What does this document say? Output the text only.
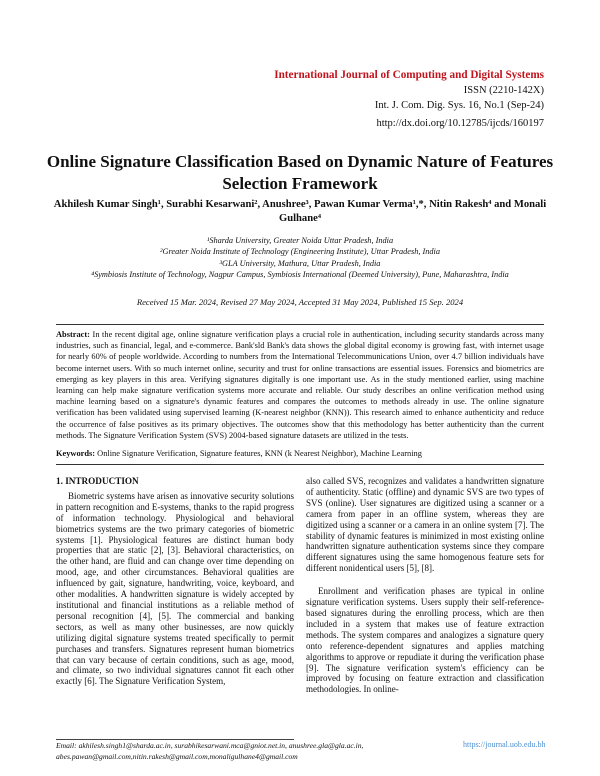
International Journal of Computing and Digital Systems
ISSN (2210-142X)
Int. J. Com. Dig. Sys. 16, No.1 (Sep-24)
http://dx.doi.org/10.12785/ijcds/160197
Online Signature Classification Based on Dynamic Nature of Features Selection Framework
Akhilesh Kumar Singh¹, Surabhi Kesarwani², Anushree³, Pawan Kumar Verma¹,*, Nitin Rakesh⁴ and Monali Gulhane⁴
¹Sharda University, Greater Noida Uttar Pradesh, India
²Greater Noida Institute of Technology (Engineering Institute), Uttar Pradesh, India
³GLA University, Mathura, Uttar Pradesh, India
⁴Symbiosis Institute of Technology, Nagpur Campus, Symbiosis International (Deemed University), Pune, Maharashtra, India
Received 15 Mar. 2024, Revised 27 May 2024, Accepted 31 May 2024, Published 15 Sep. 2024

Abstract: In the recent digital age, online signature verification plays a crucial role in authentication, including security standards across many industries, such as financial, legal, and e-commerce. Bank'sld Bank's data shows the global digital economy is growing fast, with internet usage for nearly 60% of people worldwide. According to numbers from the International Telecommunications Union, over 4.7 billion individuals have become internet users. With so much internet online, security and trust for online transactions are essential issues. Forensics and biometrics are emerging as key players in this area. Verifying signatures digitally is one important use. As in the study mentioned earlier, using machine learning can help make signature verification systems more accurate and reliable. Our study describes an online verification method using machine learning based on a signature's dynamic features and compares the outcomes to methods already in use. The online signature verification has been validated using supervised learning (K-nearest neighbor (KNN)). This research aimed to enhance authenticity and reduce the occurrence of false positives as its primary objectives. The outcomes show that this methodology has better authenticity than the current methods. The Signature Verification System (SVS) 2004-based signature datasets are utilized in the tests.

Keywords: Online Signature Verification, Signature features, KNN (k Nearest Neighbor), Machine Learning

1. INTRODUCTION

Biometric systems have arisen as innovative security solutions in pattern recognition and E-systems, thanks to the rapid progress of information technology. Physiological and behavioral biometrics systems are the two primary categories of biometric systems [1]. Physiological features are distinct human body properties that are static [2], [3]. Behavioral characteristics, on the other hand, are fluid and can change over time depending on mood, age, and other circumstances. Behavioral qualities are influenced by gait, signature, handwriting, voice, keyboard, and other modalities. A handwritten signature is widely accepted by institutional and financial institutions as a reliable method of personal recognition [4], [5]. The commercial and banking sectors, as well as many other businesses, are now quickly utilizing digital signature systems treated specifically to permit purchases and transfers. Signatures represent human biometrics that can vary because of certain conditions, such as age, mood, and climate, so two individual signatures cannot fit each other exactly [6]. The Signature Verification System,

also called SVS, recognizes and validates a handwritten signature of authenticity. Static (offline) and dynamic SVS are two types of SVS (online). User signatures are digitized using a scanner or a camera from paper in an offline system, whereas they are digitized using a scanner or a camera in an online system [7]. The stability of dynamic features is minimized in most existing online handwritten signature authentication systems since they compare different signatures using the same homogenous feature sets for different nonidentical users [5], [8].

Enrollment and verification phases are typical in online signature verification systems. Users supply their self-reference-based signatures during the enrolling process, which are then included in a system that makes use of feature extraction methods. The system compares and analogizes a signature query onto reference-dependent signatures and applies matching algorithms to approve or repudiate it during the verification phase [9]. The signature verification system's efficiency can be improved by focusing on feature extraction and classification methodologies. In online-

Email: akhilesh.singh1@sharda.ac.in, surabhikesarwani.mca@gniot.net.in, anushree.gla@gla.ac.in, abes.pawan@gmail.com,nitin.rakesh@gmail.com,monaligulhane4@gmail.com
https://journal.uob.edu.bh
